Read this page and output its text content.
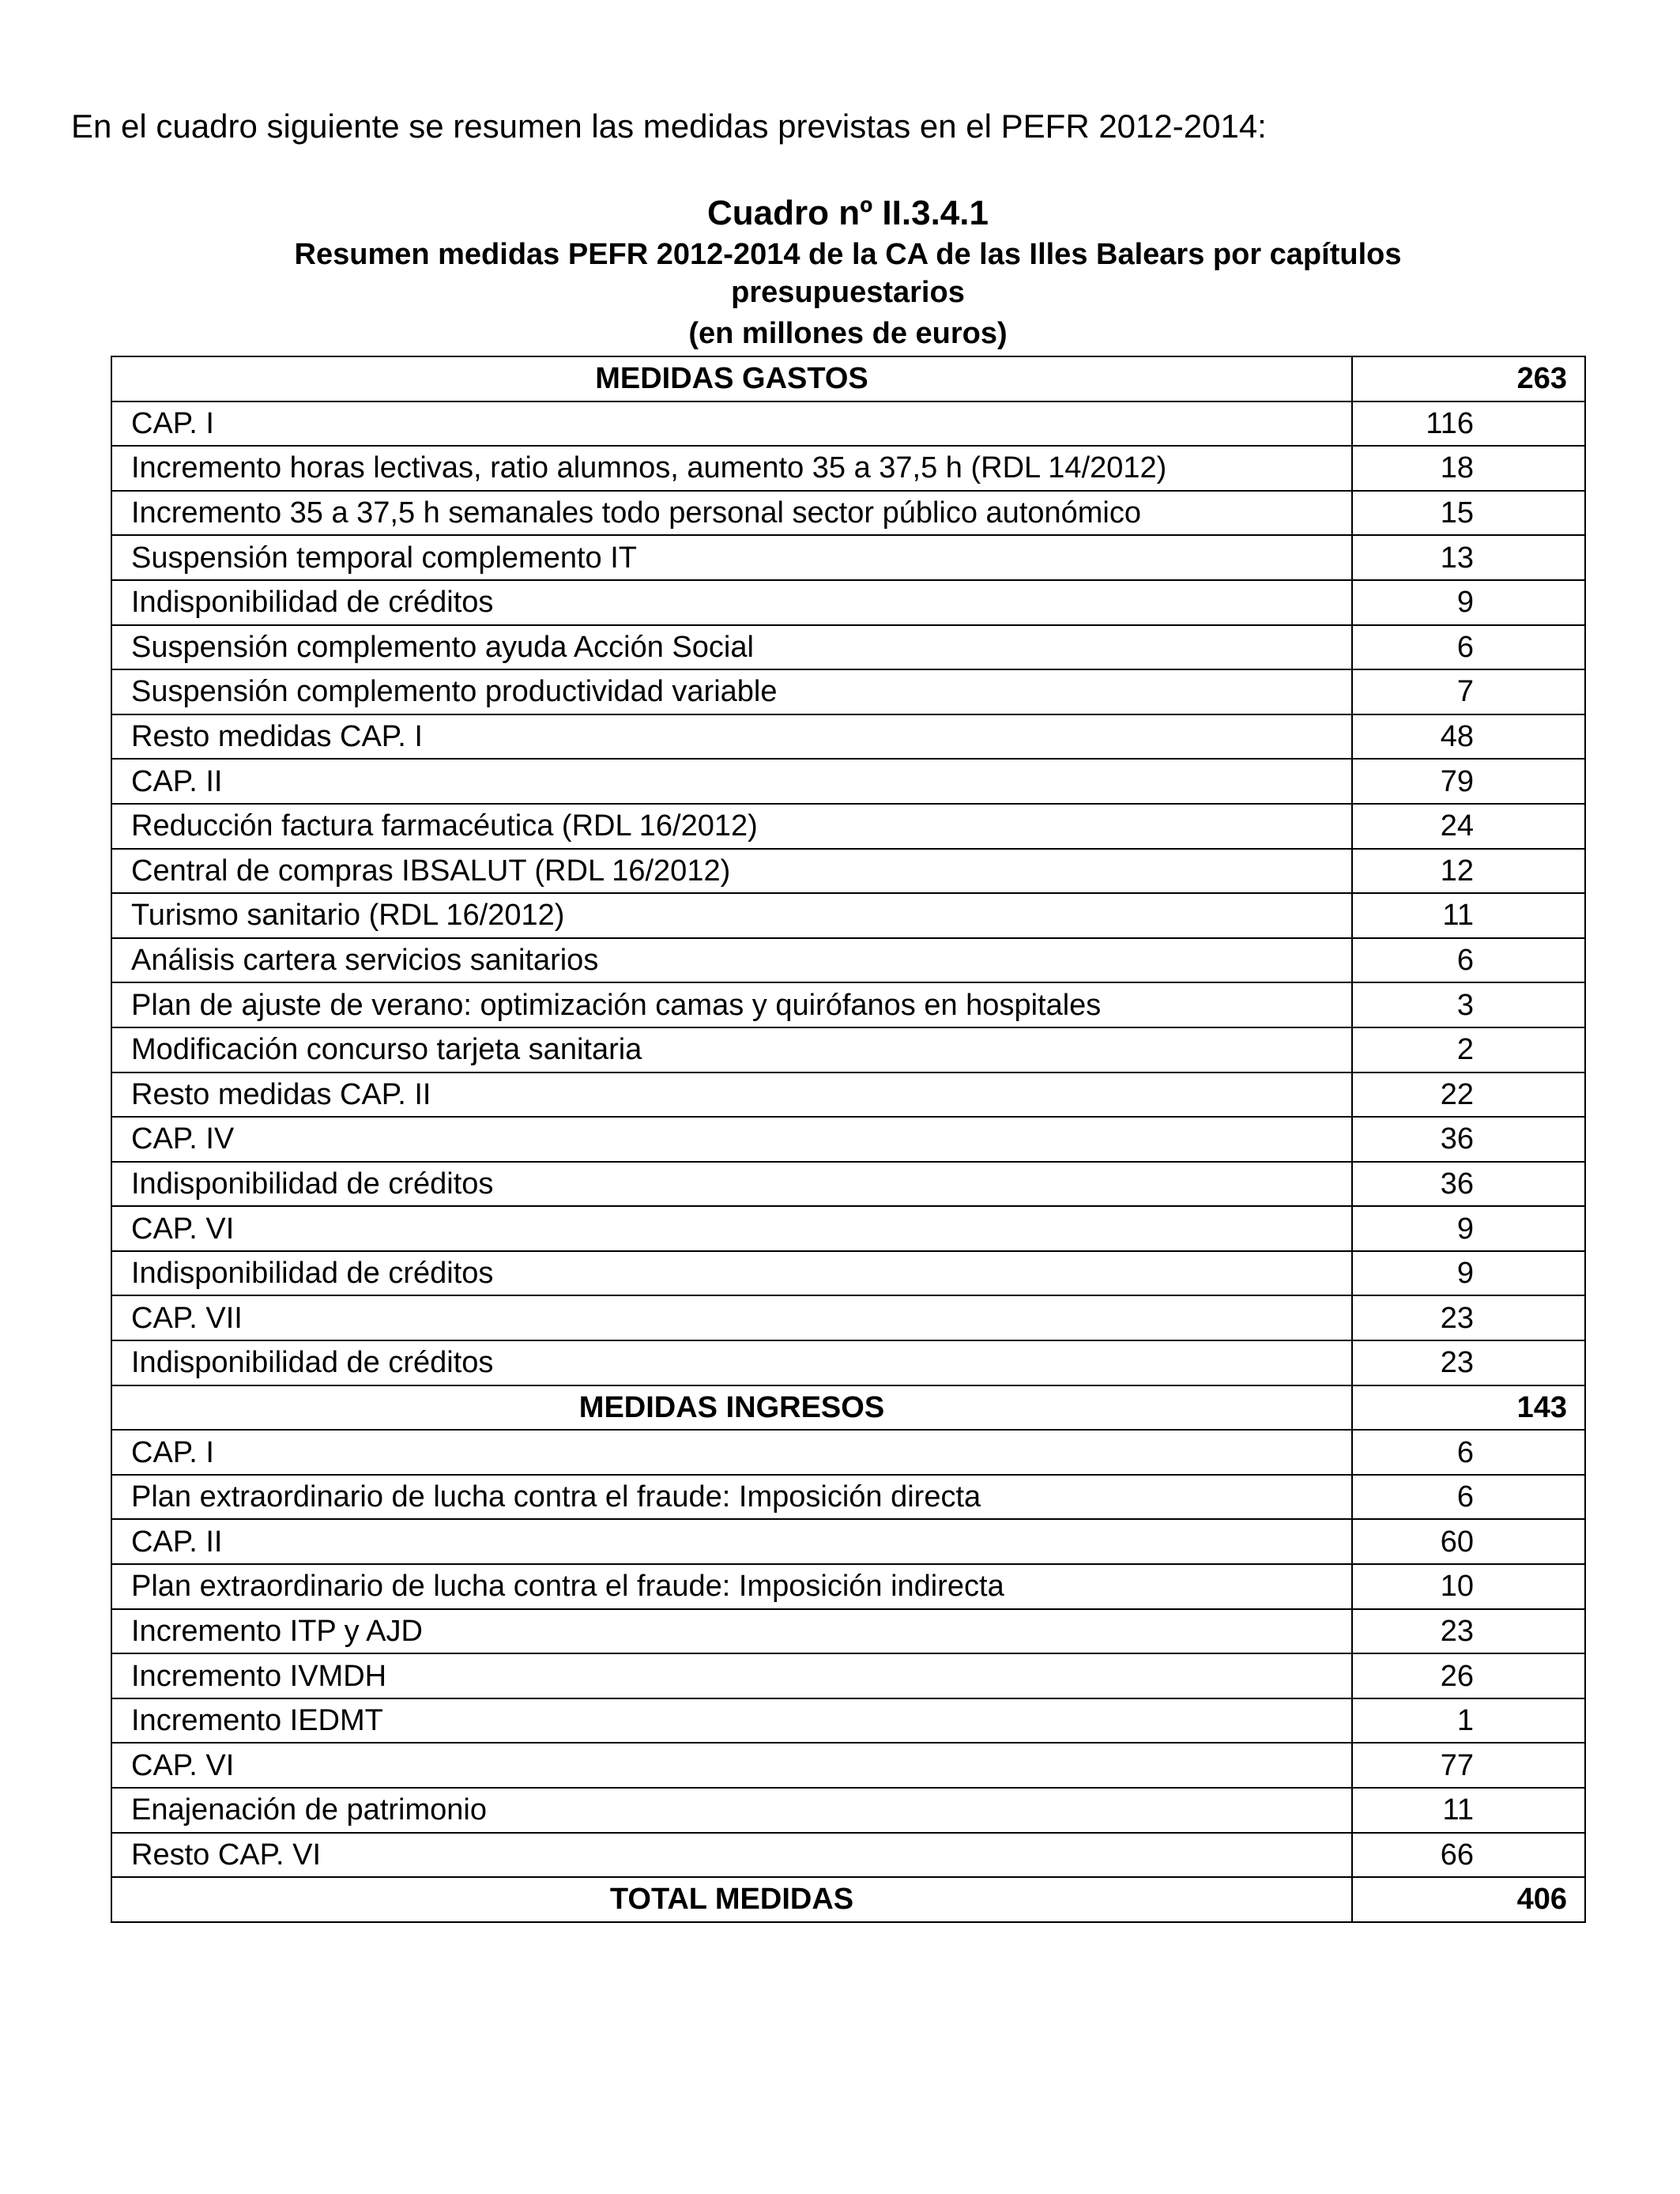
En el cuadro siguiente se resumen las medidas previstas en el PEFR 2012-2014:
Cuadro nº II.3.4.1
Resumen medidas PEFR 2012-2014 de la CA de las Illes Balears por capítulos
presupuestarios
(en millones de euros)
MEDIDAS GASTOS	263
CAP. I	116
Incremento horas lectivas, ratio alumnos, aumento 35 a 37,5 h (RDL 14/2012)	18
Incremento 35 a 37,5 h semanales todo personal sector público autonómico	15
Suspensión temporal complemento IT	13
Indisponibilidad de créditos	9
Suspensión complemento ayuda Acción Social	6
Suspensión complemento productividad variable	7
Resto medidas CAP. I	48
CAP. II	79
Reducción factura farmacéutica (RDL 16/2012)	24
Central de compras IBSALUT (RDL 16/2012)	12
Turismo sanitario (RDL 16/2012)	11
Análisis cartera servicios sanitarios	6
Plan de ajuste de verano: optimización camas y quirófanos en hospitales	3
Modificación concurso tarjeta sanitaria	2
Resto medidas CAP. II	22
CAP. IV	36
Indisponibilidad de créditos	36
CAP. VI	9
Indisponibilidad de créditos	9
CAP. VII	23
Indisponibilidad de créditos	23
MEDIDAS INGRESOS	143
CAP. I	6
Plan extraordinario de lucha contra el fraude: Imposición directa	6
CAP. II	60
Plan extraordinario de lucha contra el fraude: Imposición indirecta	10
Incremento ITP y AJD	23
Incremento IVMDH	26
Incremento IEDMT	1
CAP. VI	77
Enajenación de patrimonio	11
Resto CAP. VI	66
TOTAL MEDIDAS	406
